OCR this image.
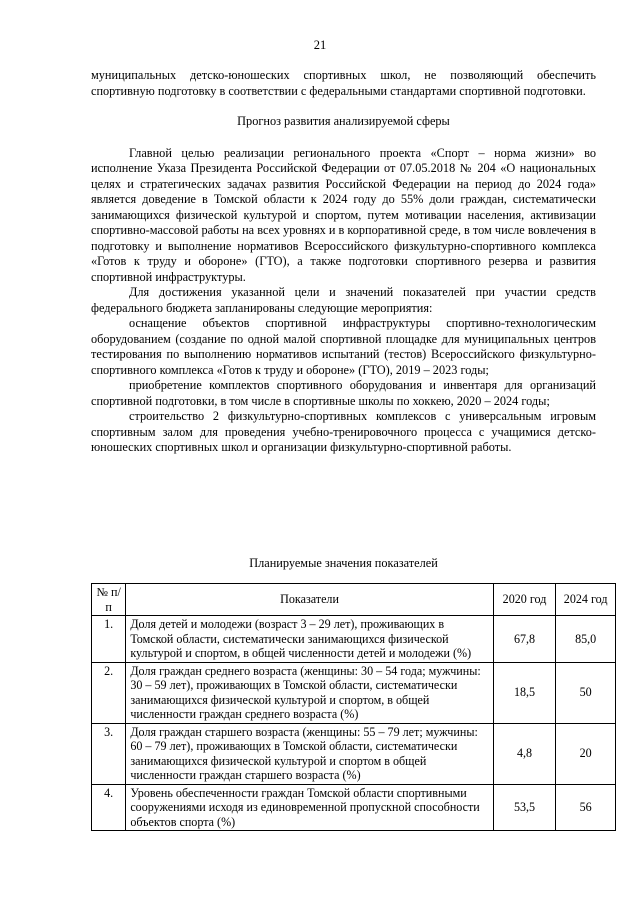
21

муниципальных детско-юношеских спортивных школ, не позволяющий обеспечить спортивную подготовку в соответствии с федеральными стандартами спортивной подготовки.

Прогноз развития анализируемой сферы

Главной целью реализации регионального проекта «Спорт – норма жизни» во исполнение Указа Президента Российской Федерации от 07.05.2018 № 204 «О национальных целях и стратегических задачах развития Российской Федерации на период до 2024 года» является доведение в Томской области к 2024 году до 55% доли граждан, систематически занимающихся физической культурой и спортом, путем мотивации населения, активизации спортивно-массовой работы на всех уровнях и в корпоративной среде, в том числе вовлечения в подготовку и выполнение нормативов Всероссийского физкультурно-спортивного комплекса «Готов к труду и обороне» (ГТО), а также подготовки спортивного резерва и развития спортивной инфраструктуры.

Для достижения указанной цели и значений показателей при участии средств федерального бюджета запланированы следующие мероприятия:

оснащение объектов спортивной инфраструктуры спортивно-технологическим оборудованием (создание по одной малой спортивной площадке для муниципальных центров тестирования по выполнению нормативов испытаний (тестов) Всероссийского физкультурно-спортивного комплекса «Готов к труду и обороне» (ГТО), 2019 – 2023 годы;

приобретение комплектов спортивного оборудования и инвентаря для организаций спортивной подготовки, в том числе в спортивные школы по хоккею, 2020 – 2024 годы;

строительство 2 физкультурно-спортивных комплексов с универсальным игровым спортивным залом для проведения учебно-тренировочного процесса с учащимися детско-юношеских спортивных школ и организации физкультурно-спортивной работы.

Планируемые значения показателей
№ п/п	Показатели	2020 год	2024 год
1.	Доля детей и молодежи (возраст 3 – 29 лет), проживающих в Томской области, систематически занимающихся физической культурой и спортом, в общей численности детей и молодежи (%)	67,8	85,0
2.	Доля граждан среднего возраста (женщины: 30 – 54 года; мужчины: 30 – 59 лет), проживающих в Томской области, систематически занимающихся физической культурой и спортом, в общей численности граждан среднего возраста (%)	18,5	50
3.	Доля граждан старшего возраста (женщины: 55 – 79 лет; мужчины: 60 – 79 лет), проживающих в Томской области, систематически занимающихся физической культурой и спортом в общей численности граждан старшего возраста (%)	4,8	20
4.	Уровень обеспеченности граждан Томской области спортивными сооружениями исходя из единовременной пропускной способности объектов спорта (%)	53,5	56
